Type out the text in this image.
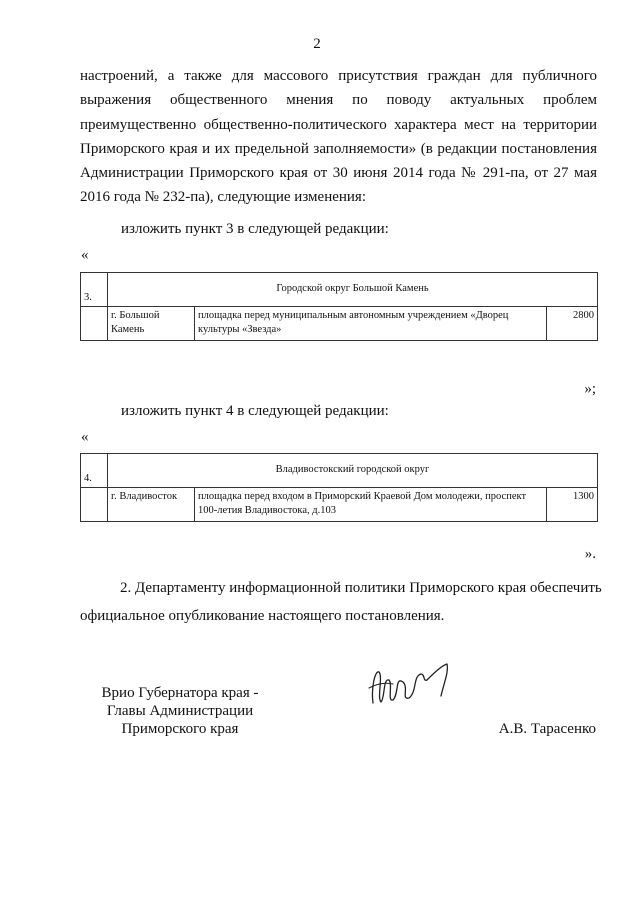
2
настроений, а также для массового присутствия граждан для публичного
выражения общественного мнения по поводу актуальных проблем
преимущественно общественно-политического характера мест на территории
Приморского края и их предельной заполняемости» (в редакции постановления
Администрации Приморского края от 30 июня 2014 года № 291-па, от 27 мая
2016 года № 232-па), следующие изменения:
изложить пункт 3 в следующей редакции:
«
3.	Городской округ Большой Камень		
	г. Большой Камень	площадка перед муниципальным автономным учреждением «Дворец культуры «Звезда»	2800
»;
изложить пункт 4 в следующей редакции:
«
4.	Владивостокский городской округ		
	г. Владивосток	площадка перед входом в Приморский Краевой Дом молодежи, проспект 100-летия Владивостока, д.103	1300
».
2. Департаменту информационной политики Приморского края обеспечить
официальное опубликование настоящего постановления.
Врио Губернатора края -
Главы Администрации
Приморского края	А.В. Тарасенко
